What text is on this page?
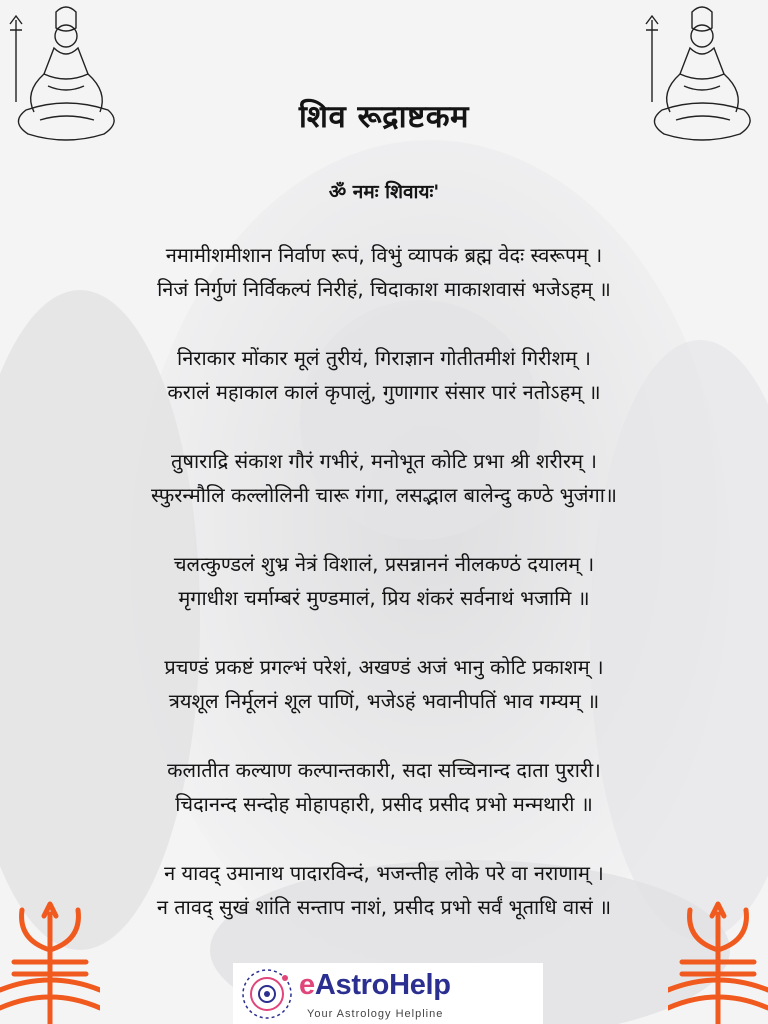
शिव रूद्राष्टकम
ॐ नमः शिवायः'
नमामीशमीशान निर्वाण रूपं, विभुं व्यापकं ब्रह्म वेदः स्वरूपम् ।
निजं निर्गुणं निर्विकल्पं निरीहं, चिदाकाश माकाशवासं भजेऽहम् ॥
निराकार मोंकार मूलं तुरीयं, गिराज्ञान गोतीतमीशं गिरीशम् ।
करालं महाकाल कालं कृपालुं, गुणागार संसार पारं नतोऽहम् ॥
तुषाराद्रि संकाश गौरं गभीरं, मनोभूत कोटि प्रभा श्री शरीरम् ।
स्फुरन्मौलि कल्लोलिनी चारू गंगा, लसद्भाल बालेन्दु कण्ठे भुजंगा॥
चलत्कुण्डलं शुभ्र नेत्रं विशालं, प्रसन्नाननं नीलकण्ठं दयालम् ।
मृगाधीश चर्माम्बरं मुण्डमालं, प्रिय शंकरं सर्वनाथं भजामि ॥
प्रचण्डं प्रकष्टं प्रगल्भं परेशं, अखण्डं अजं भानु कोटि प्रकाशम् ।
त्रयशूल निर्मूलनं शूल पाणिं, भजेऽहं भवानीपतिं भाव गम्यम् ॥
कलातीत कल्याण कल्पान्तकारी, सदा सच्चिनान्द दाता पुरारी।
चिदानन्द सन्दोह मोहापहारी, प्रसीद प्रसीद प्रभो मन्मथारी ॥
न यावद् उमानाथ पादारविन्दं, भजन्तीह लोके परे वा नराणाम् ।
न तावद् सुखं शांति सन्ताप नाशं, प्रसीद प्रभो सर्वं भूताधि वासं ॥
eAstroHelp
Your Astrology Helpline
